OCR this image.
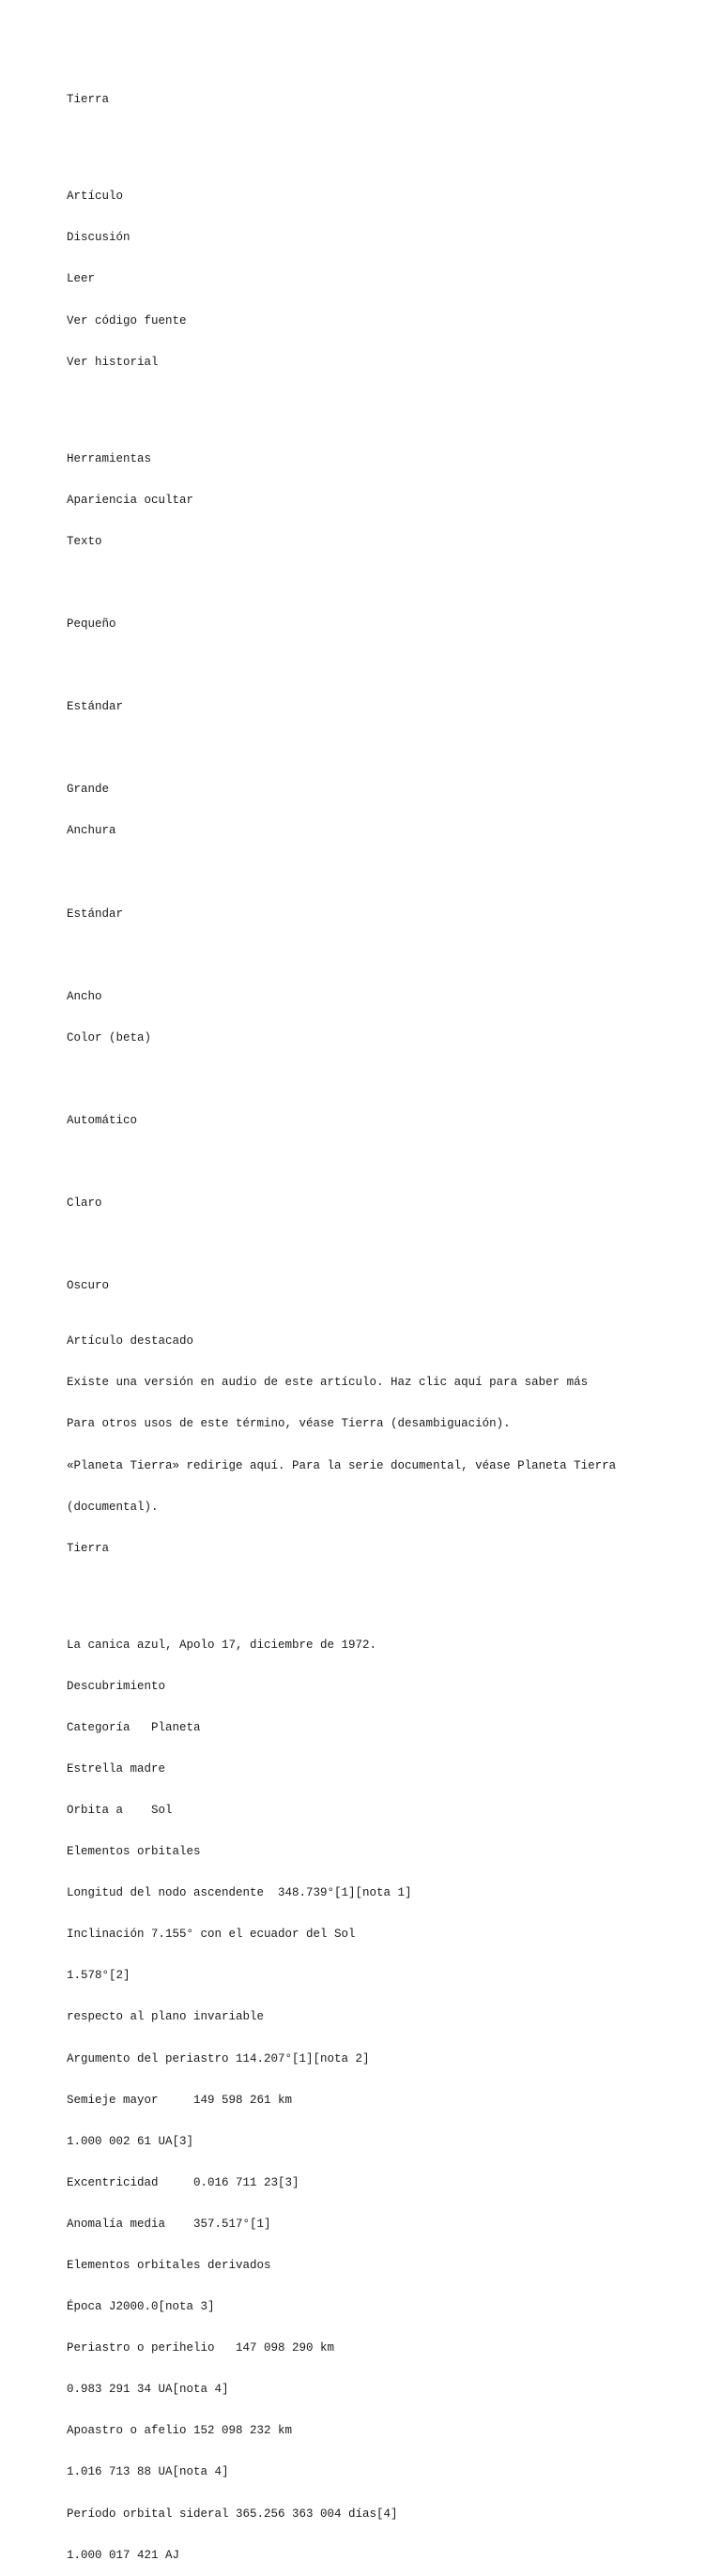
Tierra

Artículo

Discusión

Leer

Ver código fuente

Ver historial

Herramientas

Apariencia ocultar

Texto

Pequeño

Estándar

Grande

Anchura

Estándar

Ancho

Color (beta)

Automático

Claro

Oscuro

Artículo destacado

Existe una versión en audio de este artículo. Haz clic aquí para saber más

Para otros usos de este término, véase Tierra (desambiguación).

«Planeta Tierra» redirige aquí. Para la serie documental, véase Planeta Tierra

(documental).

Tierra

La canica azul, Apolo 17, diciembre de 1972.

Descubrimiento

Categoría   Planeta

Estrella madre

Orbita a    Sol

Elementos orbitales

Longitud del nodo ascendente  348.739°[1][nota 1]

Inclinación 7.155° con el ecuador del Sol

1.578°[2]

respecto al plano invariable

Argumento del periastro 114.207°[1][nota 2]

Semieje mayor     149 598 261 km

1.000 002 61 UA[3]

Excentricidad     0.016 711 23[3]

Anomalía media    357.517°[1]

Elementos orbitales derivados

Época J2000.0[nota 3]

Periastro o perihelio   147 098 290 km

0.983 291 34 UA[nota 4]

Apoastro o afelio 152 098 232 km

1.016 713 88 UA[nota 4]

Período orbital sideral 365.256 363 004 días[4]

1.000 017 421 AJ
